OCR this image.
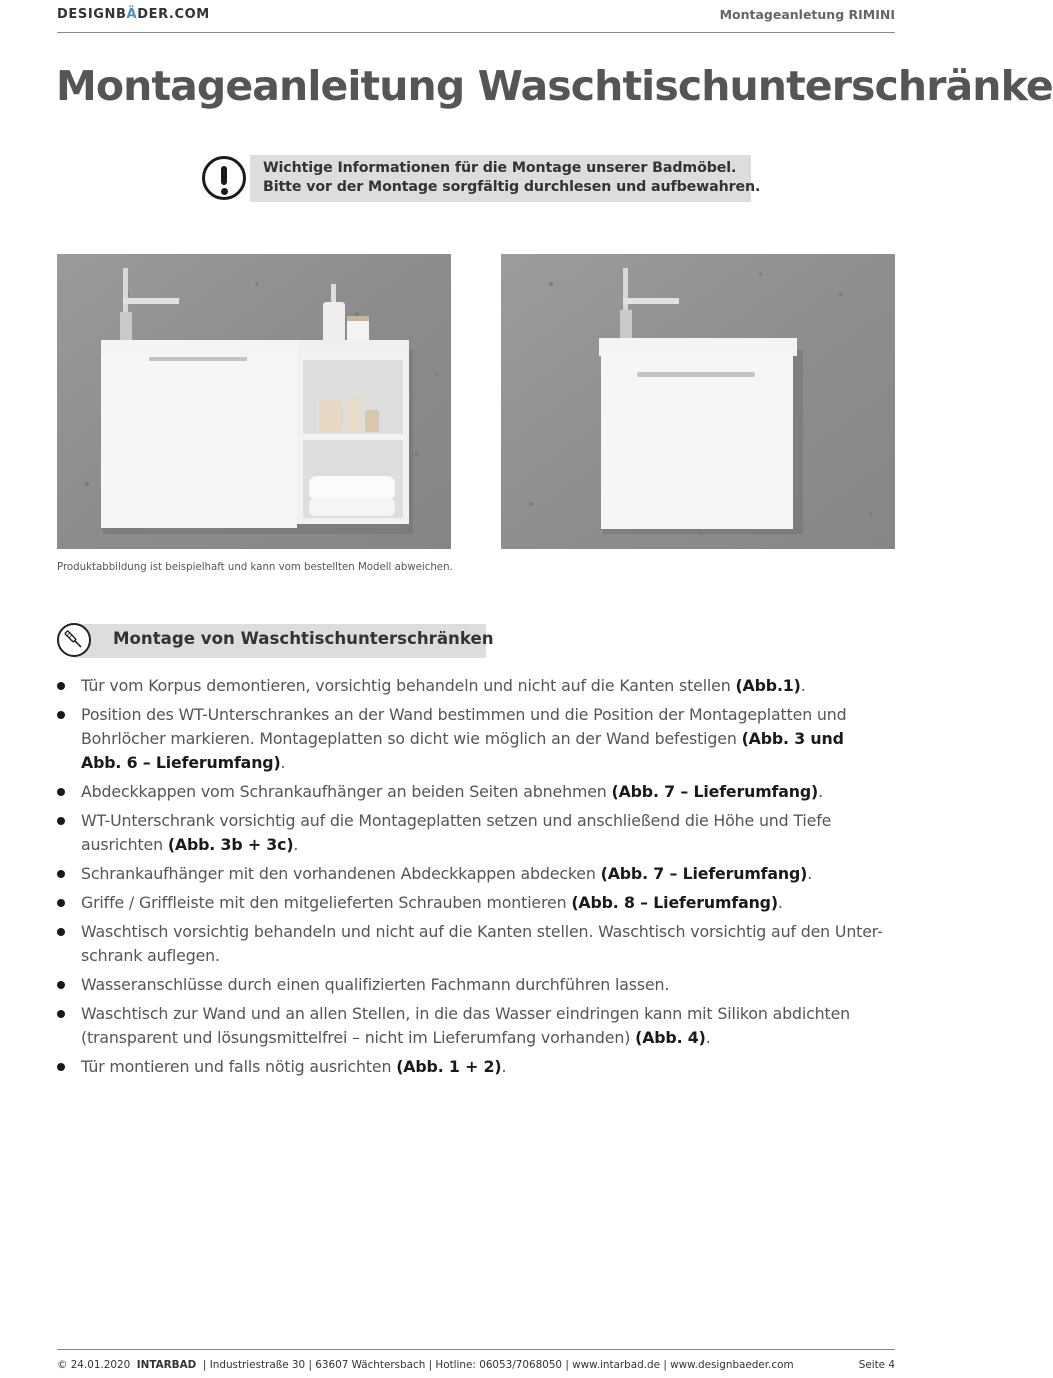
DESIGNBÄDER.COM	Montageanletung RIMINI
Montageanleitung Waschtischunterschränke
Wichtige Informationen für die Montage unserer Badmöbel.
Bitte vor der Montage sorgfältig durchlesen und aufbewahren.
Produktabbildung ist beispielhaft und kann vom bestellten Modell abweichen.
Montage von Waschtischunterschränken
Tür vom Korpus demontieren, vorsichtig behandeln und nicht auf die Kanten stellen (Abb.1).
Position des WT-Unterschrankes an der Wand bestimmen und die Position der Montageplatten und
Bohrlöcher markieren. Montageplatten so dicht wie möglich an der Wand befestigen (Abb. 3 und
Abb. 6 – Lieferumfang).
Abdeckkappen vom Schrankaufhänger an beiden Seiten abnehmen (Abb. 7 – Lieferumfang).
WT-Unterschrank vorsichtig auf die Montageplatten setzen und anschließend die Höhe und Tiefe
ausrichten (Abb. 3b + 3c).
Schrankaufhänger mit den vorhandenen Abdeckkappen abdecken (Abb. 7 – Lieferumfang).
Griffe / Griffleiste mit den mitgelieferten Schrauben montieren (Abb. 8 – Lieferumfang).
Waschtisch vorsichtig behandeln und nicht auf die Kanten stellen. Waschtisch vorsichtig auf den Unter-
schrank auflegen.
Wasseranschlüsse durch einen qualifizierten Fachmann durchführen lassen.
Waschtisch zur Wand und an allen Stellen, in die das Wasser eindringen kann mit Silikon abdichten
(transparent und lösungsmittelfrei – nicht im Lieferumfang vorhanden) (Abb. 4).
Tür montieren und falls nötig ausrichten (Abb. 1 + 2).
© 24.01.2020 INTARBAD | Industriestraße 30 | 63607 Wächtersbach | Hotline: 06053/7068050 | www.intarbad.de | www.designbaeder.com	Seite 4
